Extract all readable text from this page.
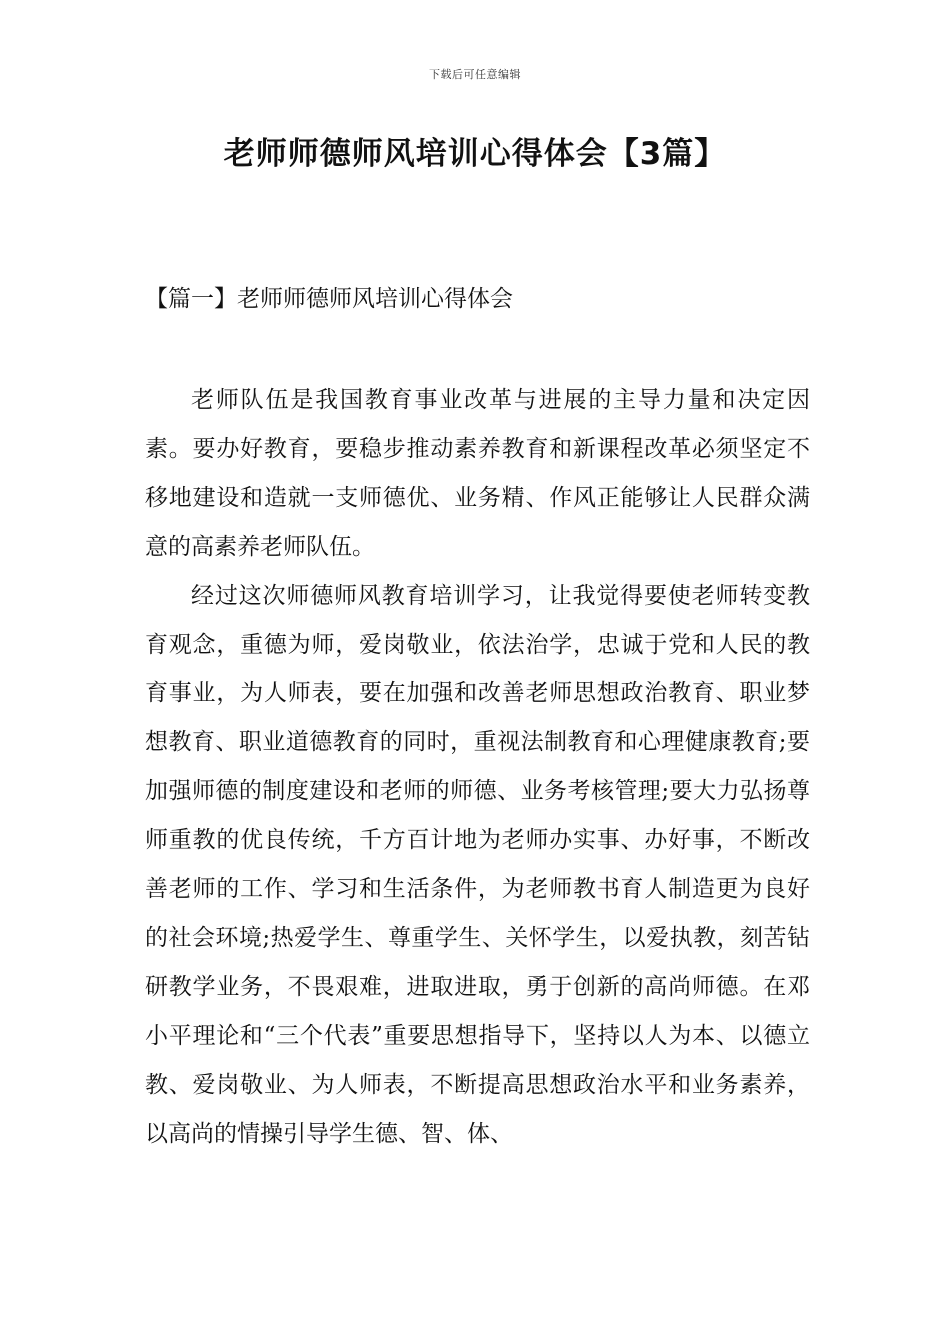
下载后可任意编辑
老师师德师风培训心得体会【3篇】
【篇一】老师师德师风培训心得体会

老师队伍是我国教育事业改革与进展的主导力量和决定因素。要办好教育，要稳步推动素养教育和新课程改革必须坚定不移地建设和造就一支师德优、业务精、作风正能够让人民群众满意的高素养老师队伍。

经过这次师德师风教育培训学习，让我觉得要使老师转变教育观念，重德为师，爱岗敬业，依法治学，忠诚于党和人民的教育事业，为人师表，要在加强和改善老师思想政治教育、职业梦想教育、职业道德教育的同时，重视法制教育和心理健康教育;要加强师德的制度建设和老师的师德、业务考核管理;要大力弘扬尊师重教的优良传统，千方百计地为老师办实事、办好事，不断改善老师的工作、学习和生活条件，为老师教书育人制造更为良好的社会环境;热爱学生、尊重学生、关怀学生，以爱执教，刻苦钻研教学业务，不畏艰难，进取进取，勇于创新的高尚师德。在邓小平理论和“三个代表”重要思想指导下，坚持以人为本、以德立教、爱岗敬业、为人师表，不断提高思想政治水平和业务素养，以高尚的情操引导学生德、智、体、
